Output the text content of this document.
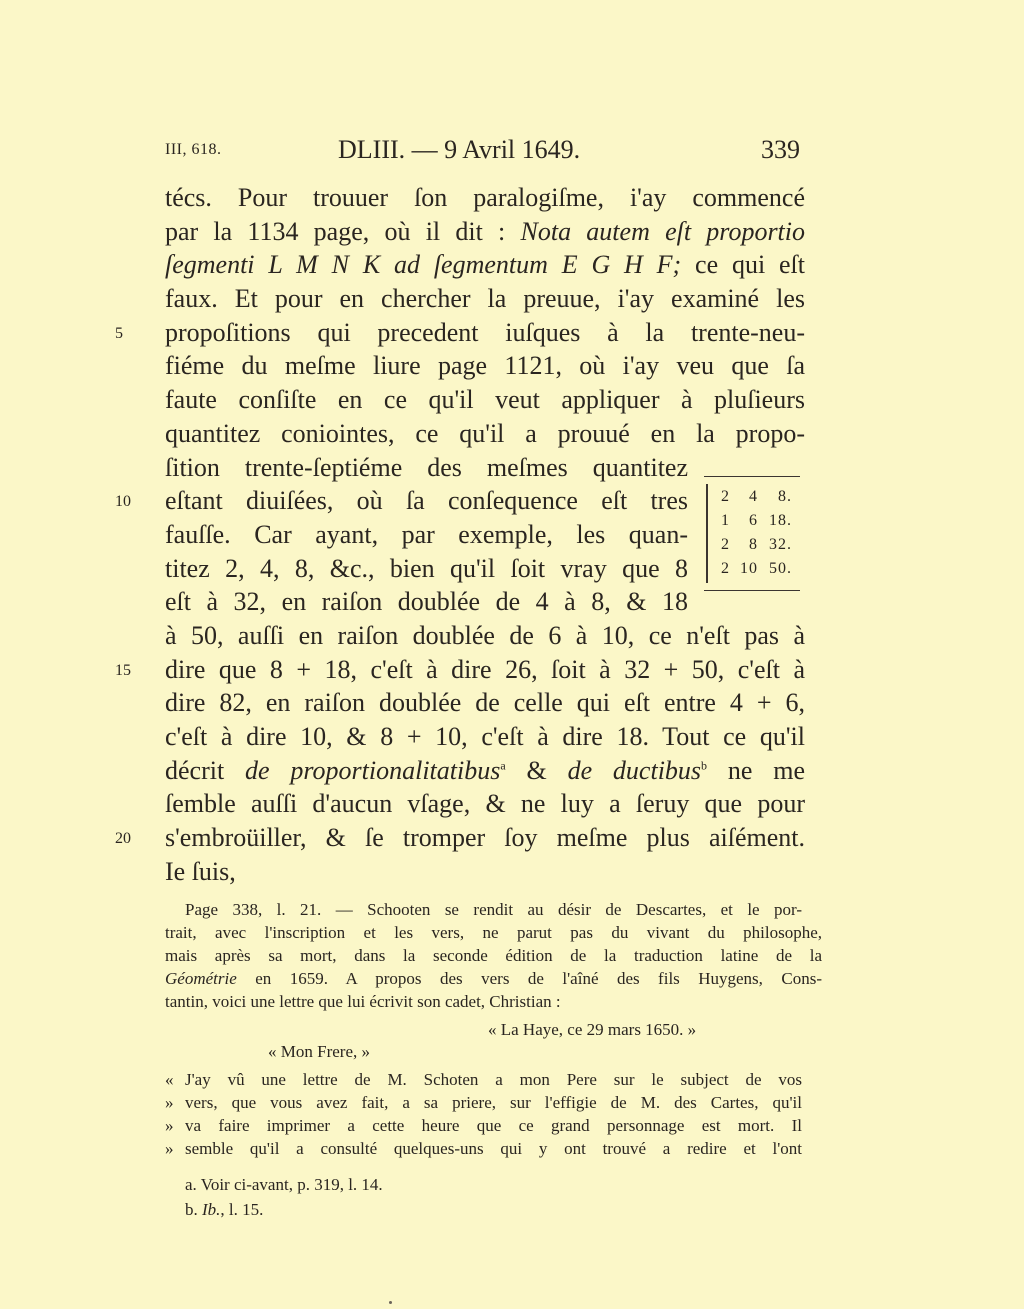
III, 618.	DLIII. — 9 Avril 1649.	339
técs. Pour trouuer ſon paralogiſme, i'ay commencé
par la 1134 page, où il dit : Nota autem eſt proportio
ſegmenti L M N K ad ſegmentum E G H F; ce qui eſt
faux. Et pour en chercher la preuue, i'ay examiné les
5	propoſitions qui precedent iuſques à la trente-neu-
fiéme du meſme liure page 1121, où i'ay veu que ſa
faute conſiſte en ce qu'il veut appliquer à pluſieurs
quantitez coniointes, ce qu'il a prouué en la propo-
ſition trente-ſeptiéme des meſmes quantitez
10 eſtant diuiſées, où ſa conſequence eſt tres
fauſſe. Car ayant, par exemple, les quan-
titez 2, 4, 8, &c., bien qu'il ſoit vray que 8
eſt à 32, en raiſon doublée de 4 à 8, & 18
à 50, auſſi en raiſon doublée de 6 à 10, ce n'eſt pas à
15 dire que 8 + 18, c'eſt à dire 26, ſoit à 32 + 50, c'eſt à
dire 82, en raiſon doublée de celle qui eſt entre 4 + 6,
c'eſt à dire 10, & 8 + 10, c'eſt à dire 18. Tout ce qu'il
décrit de proportionalitatibus$^a$ & de ductibus$^b$ ne me
ſemble auſſi d'aucun vſage, & ne luy a ſeruy que pour
20 s'embroüiller, & ſe tromper ſoy meſme plus aiſément.
Ie ſuis,
2 4 8.
1 6 18.
2 8 32.
2 10 50.
Page 338, l. 21. — Schooten se rendit au désir de Descartes, et le por-
trait, avec l'inscription et les vers, ne parut pas du vivant du philosophe,
mais après sa mort, dans la seconde édition de la traduction latine de la
Géométrie en 1659. A propos des vers de l'aîné des fils Huygens, Cons-
tantin, voici une lettre que lui écrivit son cadet, Christian :
« La Haye, ce 29 mars 1650. »
« Mon Frere, »
« J'ay vû une lettre de M. Schoten a mon Pere sur le subject de vos
» vers, que vous avez fait, a sa priere, sur l'effigie de M. des Cartes, qu'il
» va faire imprimer a cette heure que ce grand personnage est mort. Il
» semble qu'il a consulté quelques-uns qui y ont trouvé a redire et l'ont
a. Voir ci-avant, p. 319, l. 14.
b. Ib., l. 15.
